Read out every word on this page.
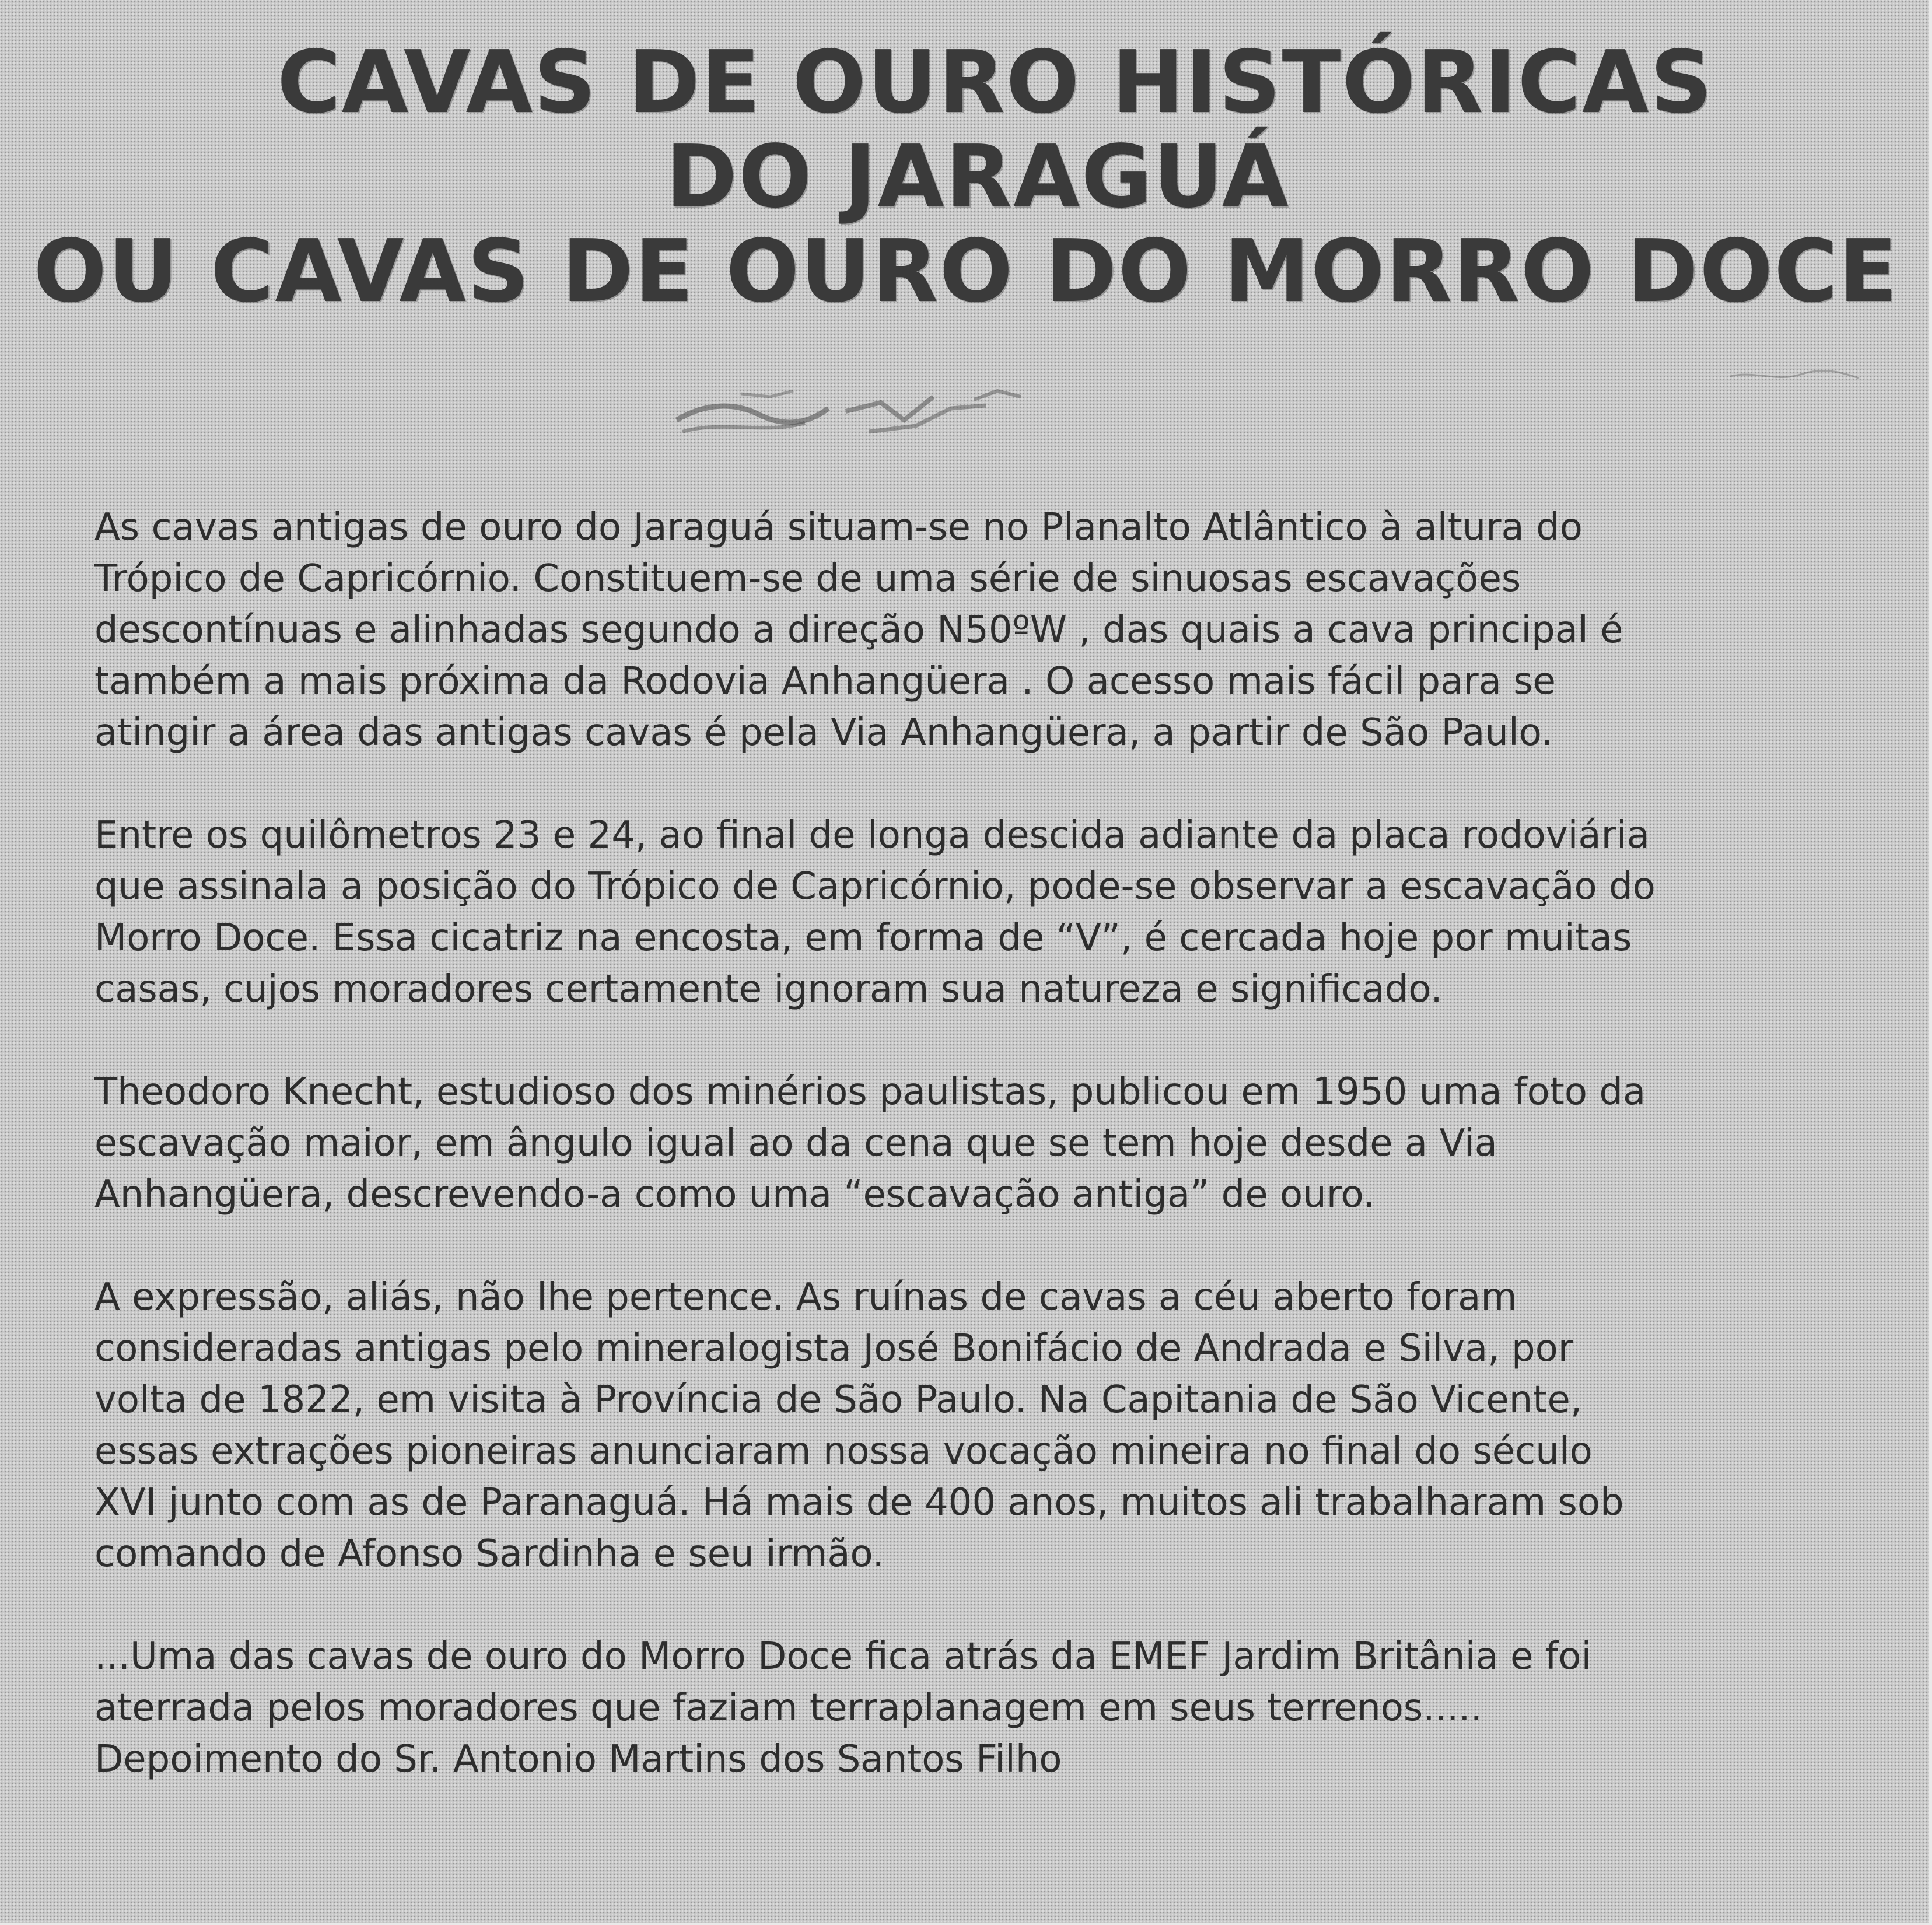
CAVAS DE OURO HISTÓRICAS
DO JARAGUÁ
OU CAVAS DE OURO DO MORRO DOCE
As cavas antigas de ouro do Jaraguá situam-se no Planalto Atlântico à altura do
Trópico de Capricórnio. Constituem-se de uma série de sinuosas escavações
descontínuas e alinhadas segundo a direção N50ºW , das quais a cava principal é
também a mais próxima da Rodovia Anhangüera . O acesso mais fácil para se
atingir a área das antigas cavas é pela Via Anhangüera, a partir de São Paulo.
Entre os quilômetros 23 e 24, ao final de longa descida adiante da placa rodoviária
que assinala a posição do Trópico de Capricórnio, pode-se observar a escavação do
Morro Doce. Essa cicatriz na encosta, em forma de “V”, é cercada hoje por muitas
casas, cujos moradores certamente ignoram sua natureza e significado.
Theodoro Knecht, estudioso dos minérios paulistas, publicou em 1950 uma foto da
escavação maior, em ângulo igual ao da cena que se tem hoje desde a Via
Anhangüera, descrevendo-a como uma “escavação antiga” de ouro.
A expressão, aliás, não lhe pertence. As ruínas de cavas a céu aberto foram
consideradas antigas pelo mineralogista José Bonifácio de Andrada e Silva, por
volta de 1822, em visita à Província de São Paulo. Na Capitania de São Vicente,
essas extrações pioneiras anunciaram nossa vocação mineira no final do século
XVI junto com as de Paranaguá. Há mais de 400 anos, muitos ali trabalharam sob
comando de Afonso Sardinha e seu irmão.
...Uma das cavas de ouro do Morro Doce fica atrás da EMEF Jardim Britânia e foi
aterrada pelos moradores que faziam terraplanagem em seus terrenos.....
Depoimento do Sr. Antonio Martins dos Santos Filho
